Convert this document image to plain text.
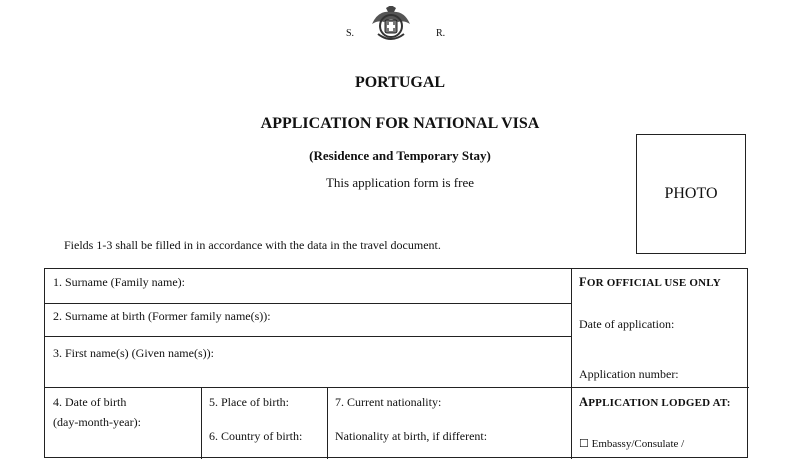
S.	R.
PORTUGAL
APPLICATION FOR NATIONAL VISA
(Residence and Temporary Stay)
This application form is free
PHOTO
Fields 1-3 shall be filled in in accordance with the data in the travel document.
1. Surname (Family name):
2. Surname at birth (Former family name(s)):
3. First name(s) (Given name(s)):
4. Date of birth
(day-month-year):
5. Place of birth:
6. Country of birth:
7. Current nationality:
Nationality at birth, if different:
FOR OFFICIAL USE ONLY
Date of application:
Application number:
APPLICATION LODGED AT:
☐ Embassy/Consulate /
